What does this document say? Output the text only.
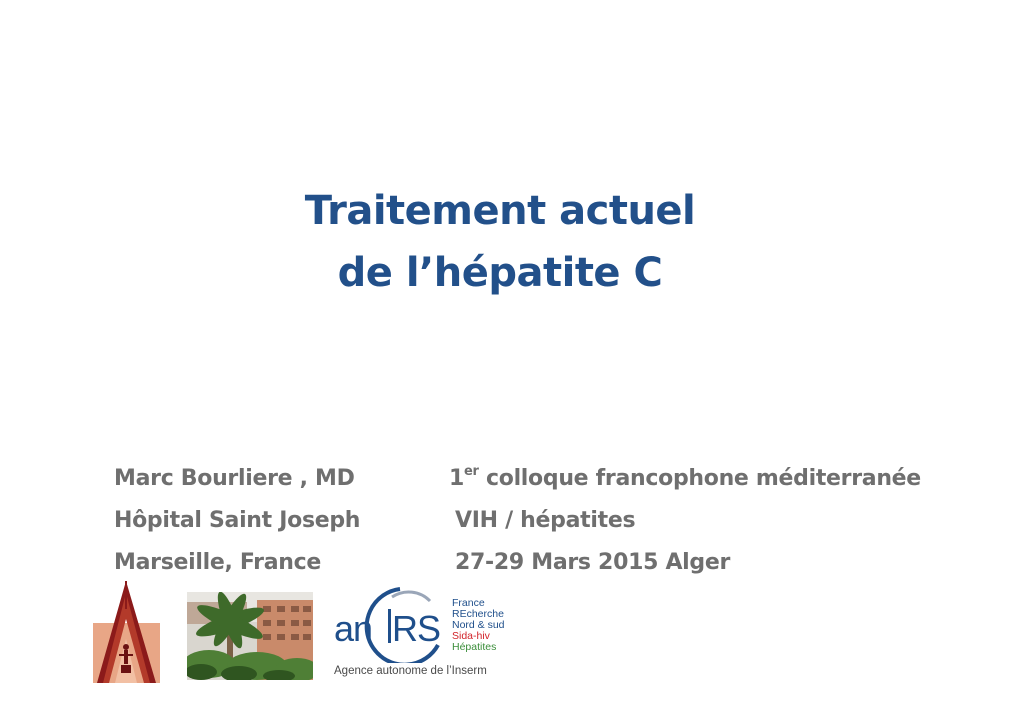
Traitement actuel
de l’hépatite C
Marc Bourliere , MD
Hôpital Saint Joseph
Marseille, France
1er colloque francophone méditerranée
VIH / hépatites
27-29 Mars 2015 Alger
an RS
France
REcherche
Nord & sud
Sida-hiv
Hépatites
Agence autonome de l’Inserm
